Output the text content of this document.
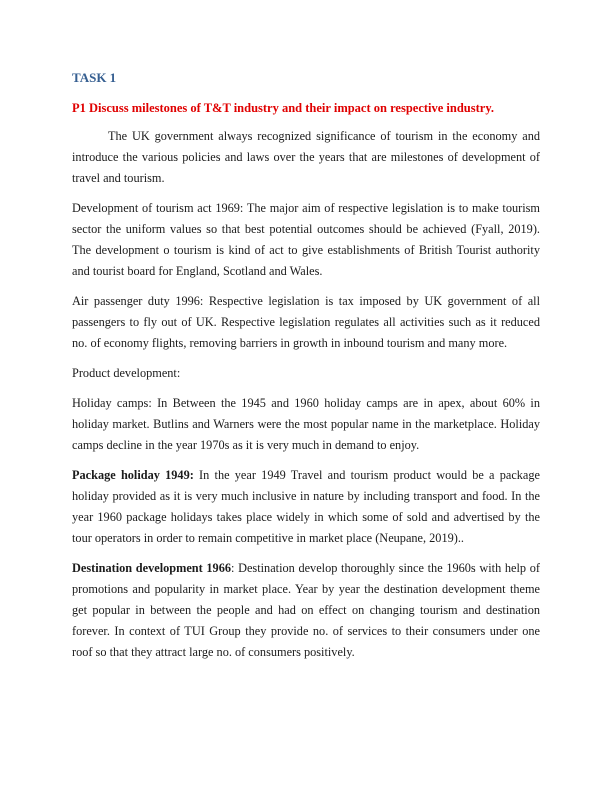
TASK 1
P1 Discuss milestones of T&T industry and their impact on respective industry.

The UK government always recognized significance of tourism in the economy and introduce the various policies and laws over the years that are milestones of development of travel and tourism.

Development of tourism act 1969: The major aim of respective legislation is to make tourism sector the uniform values so that best potential outcomes should be achieved (Fyall, 2019). The development o tourism is kind of act to give establishments of British Tourist authority and tourist board for England, Scotland and Wales.

Air passenger duty 1996: Respective legislation is tax imposed by UK government of all passengers to fly out of UK. Respective legislation regulates all activities such as it reduced no. of economy flights, removing barriers in growth in inbound tourism and many more.

Product development:

Holiday camps: In Between the 1945 and 1960 holiday camps are in apex, about 60% in holiday market. Butlins and Warners were the most popular name in the marketplace. Holiday camps decline in the year 1970s as it is very much in demand to enjoy.

Package holiday 1949: In the year 1949 Travel and tourism product would be a package holiday provided as it is very much inclusive in nature by including transport and food. In the year 1960 package holidays takes place widely in which some of sold and advertised by the tour operators in order to remain competitive in market place (Neupane, 2019)..

Destination development 1966: Destination develop thoroughly since the 1960s with help of promotions and popularity in market place. Year by year the destination development theme get popular in between the people and had on effect on changing tourism and destination forever. In context of TUI Group they provide no. of services to their consumers under one roof so that they attract large no. of consumers positively.
